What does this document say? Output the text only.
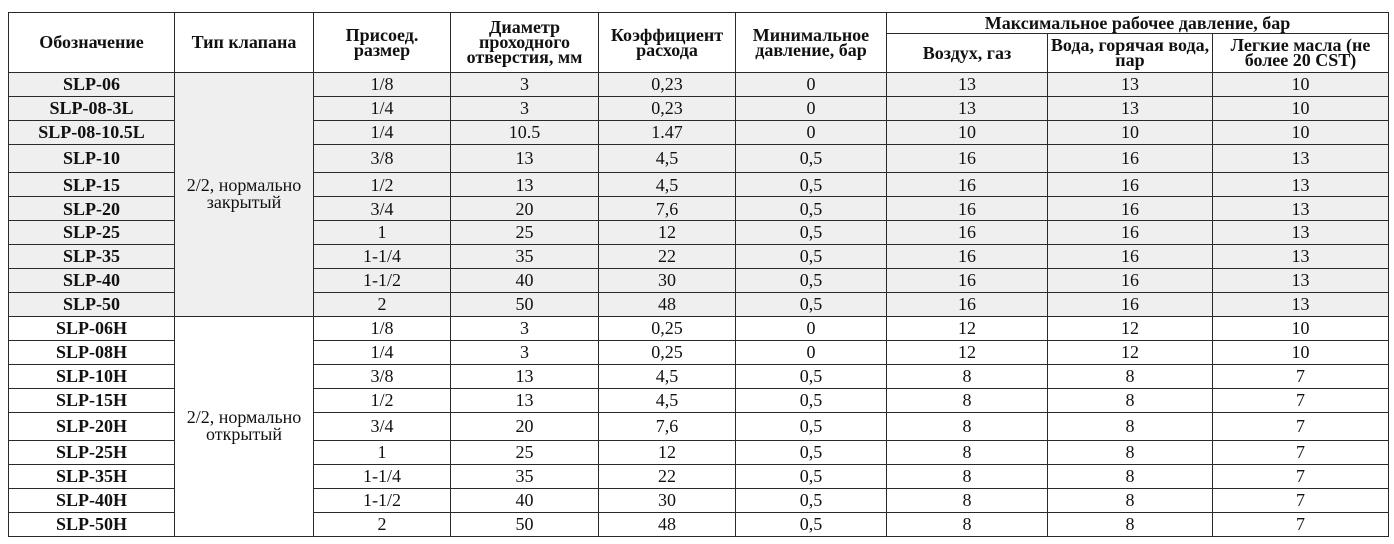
Обозначение	Тип клапана	Присоед. размер	Диаметр проходного отверстия, мм	Коэффициент расхода	Минимальное давление, бар	Максимальное рабочее давление, бар		
						Воздух, газ	Вода, горячая вода, пар	Легкие масла (не более 20 CST)
SLP-06	2/2, нормально закрытый	1/8	3	0,23	0	13	13	10
SLP-08-3L		1/4	3	0,23	0	13	13	10
SLP-08-10.5L		1/4	10.5	1.47	0	10	10	10
SLP-10		3/8	13	4,5	0,5	16	16	13
SLP-15		1/2	13	4,5	0,5	16	16	13
SLP-20		3/4	20	7,6	0,5	16	16	13
SLP-25		1	25	12	0,5	16	16	13
SLP-35		1-1/4	35	22	0,5	16	16	13
SLP-40		1-1/2	40	30	0,5	16	16	13
SLP-50		2	50	48	0,5	16	16	13
SLP-06H	2/2, нормально открытый	1/8	3	0,25	0	12	12	10
SLP-08H		1/4	3	0,25	0	12	12	10
SLP-10H		3/8	13	4,5	0,5	8	8	7
SLP-15H		1/2	13	4,5	0,5	8	8	7
SLP-20H		3/4	20	7,6	0,5	8	8	7
SLP-25H		1	25	12	0,5	8	8	7
SLP-35H		1-1/4	35	22	0,5	8	8	7
SLP-40H		1-1/2	40	30	0,5	8	8	7
SLP-50H		2	50	48	0,5	8	8	7
